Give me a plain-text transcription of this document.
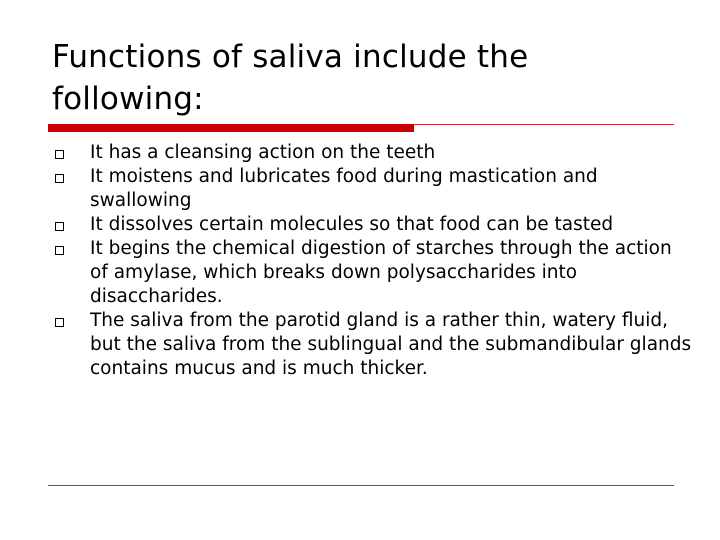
Functions of saliva include the following:
It has a cleansing action on the teeth
It moistens and lubricates food during mastication and swallowing
It dissolves certain molecules so that food can be tasted
It begins the chemical digestion of starches through the action of amylase, which breaks down polysaccharides into disaccharides.
The saliva from the parotid gland is a rather thin, watery fluid, but the saliva from the sublingual and the submandibular glands contains mucus and is much thicker.
